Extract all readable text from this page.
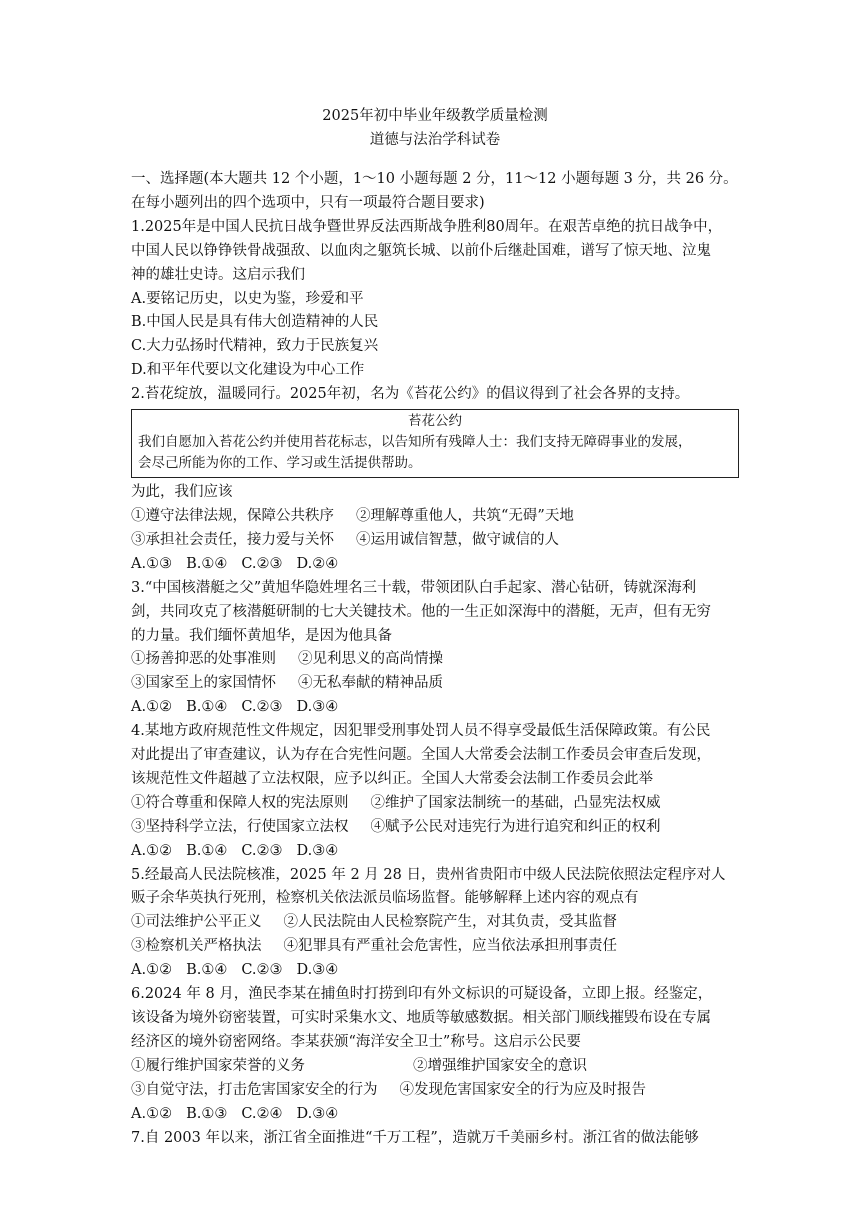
2025年初中毕业年级教学质量检测
道德与法治学科试卷
一、选择题(本大题共 12 个小题，1～10 小题每题 2 分，11～12 小题每题 3 分，共 26 分。
在每小题列出的四个选项中，只有一项最符合题目要求)
1.2025年是中国人民抗日战争暨世界反法西斯战争胜利80周年。在艰苦卓绝的抗日战争中，
中国人民以铮铮铁骨战强敌、以血肉之躯筑长城、以前仆后继赴国难，谱写了惊天地、泣鬼
神的雄壮史诗。这启示我们
A.要铭记历史，以史为鉴，珍爱和平
B.中国人民是具有伟大创造精神的人民
C.大力弘扬时代精神，致力于民族复兴
D.和平年代要以文化建设为中心工作
2.苔花绽放，温暖同行。2025年初，名为《苔花公约》的倡议得到了社会各界的支持。
苔花公约
我们自愿加入苔花公约并使用苔花标志，以告知所有残障人士：我们支持无障碍事业的发展，
会尽己所能为你的工作、学习或生活提供帮助。
为此，我们应该
①遵守法律法规，保障公共秩序 ②理解尊重他人，共筑“无碍”天地
③承担社会责任，接力爱与关怀 ④运用诚信智慧，做守诚信的人
A.①③ B.①④ C.②③ D.②④
3.“中国核潜艇之父”黄旭华隐姓埋名三十载，带领团队白手起家、潜心钻研，铸就深海利
剑，共同攻克了核潜艇研制的七大关键技术。他的一生正如深海中的潜艇，无声，但有无穷
的力量。我们缅怀黄旭华，是因为他具备
①扬善抑恶的处事准则 ②见利思义的高尚情操
③国家至上的家国情怀 ④无私奉献的精神品质
A.①② B.①④ C.②③ D.③④
4.某地方政府规范性文件规定，因犯罪受刑事处罚人员不得享受最低生活保障政策。有公民
对此提出了审查建议，认为存在合宪性问题。全国人大常委会法制工作委员会审查后发现，
该规范性文件超越了立法权限，应予以纠正。全国人大常委会法制工作委员会此举
①符合尊重和保障人权的宪法原则 ②维护了国家法制统一的基础，凸显宪法权威
③坚持科学立法，行使国家立法权 ④赋予公民对违宪行为进行追究和纠正的权利
A.①② B.①④ C.②③ D.③④
5.经最高人民法院核准，2025 年 2 月 28 日，贵州省贵阳市中级人民法院依照法定程序对人
贩子余华英执行死刑，检察机关依法派员临场监督。能够解释上述内容的观点有
①司法维护公平正义 ②人民法院由人民检察院产生，对其负责，受其监督
③检察机关严格执法 ④犯罪具有严重社会危害性，应当依法承担刑事责任
A.①② B.①④ C.②③ D.③④
6.2024 年 8 月，渔民李某在捕鱼时打捞到印有外文标识的可疑设备，立即上报。经鉴定，
该设备为境外窃密装置，可实时采集水文、地质等敏感数据。相关部门顺线摧毁布设在专属
经济区的境外窃密网络。李某获颁“海洋安全卫士”称号。这启示公民要
①履行维护国家荣誉的义务	②增强维护国家安全的意识
③自觉守法，打击危害国家安全的行为 ④发现危害国家安全的行为应及时报告
A.①② B.①③ C.②④ D.③④
7.自 2003 年以来，浙江省全面推进“千万工程”，造就万千美丽乡村。浙江省的做法能够
